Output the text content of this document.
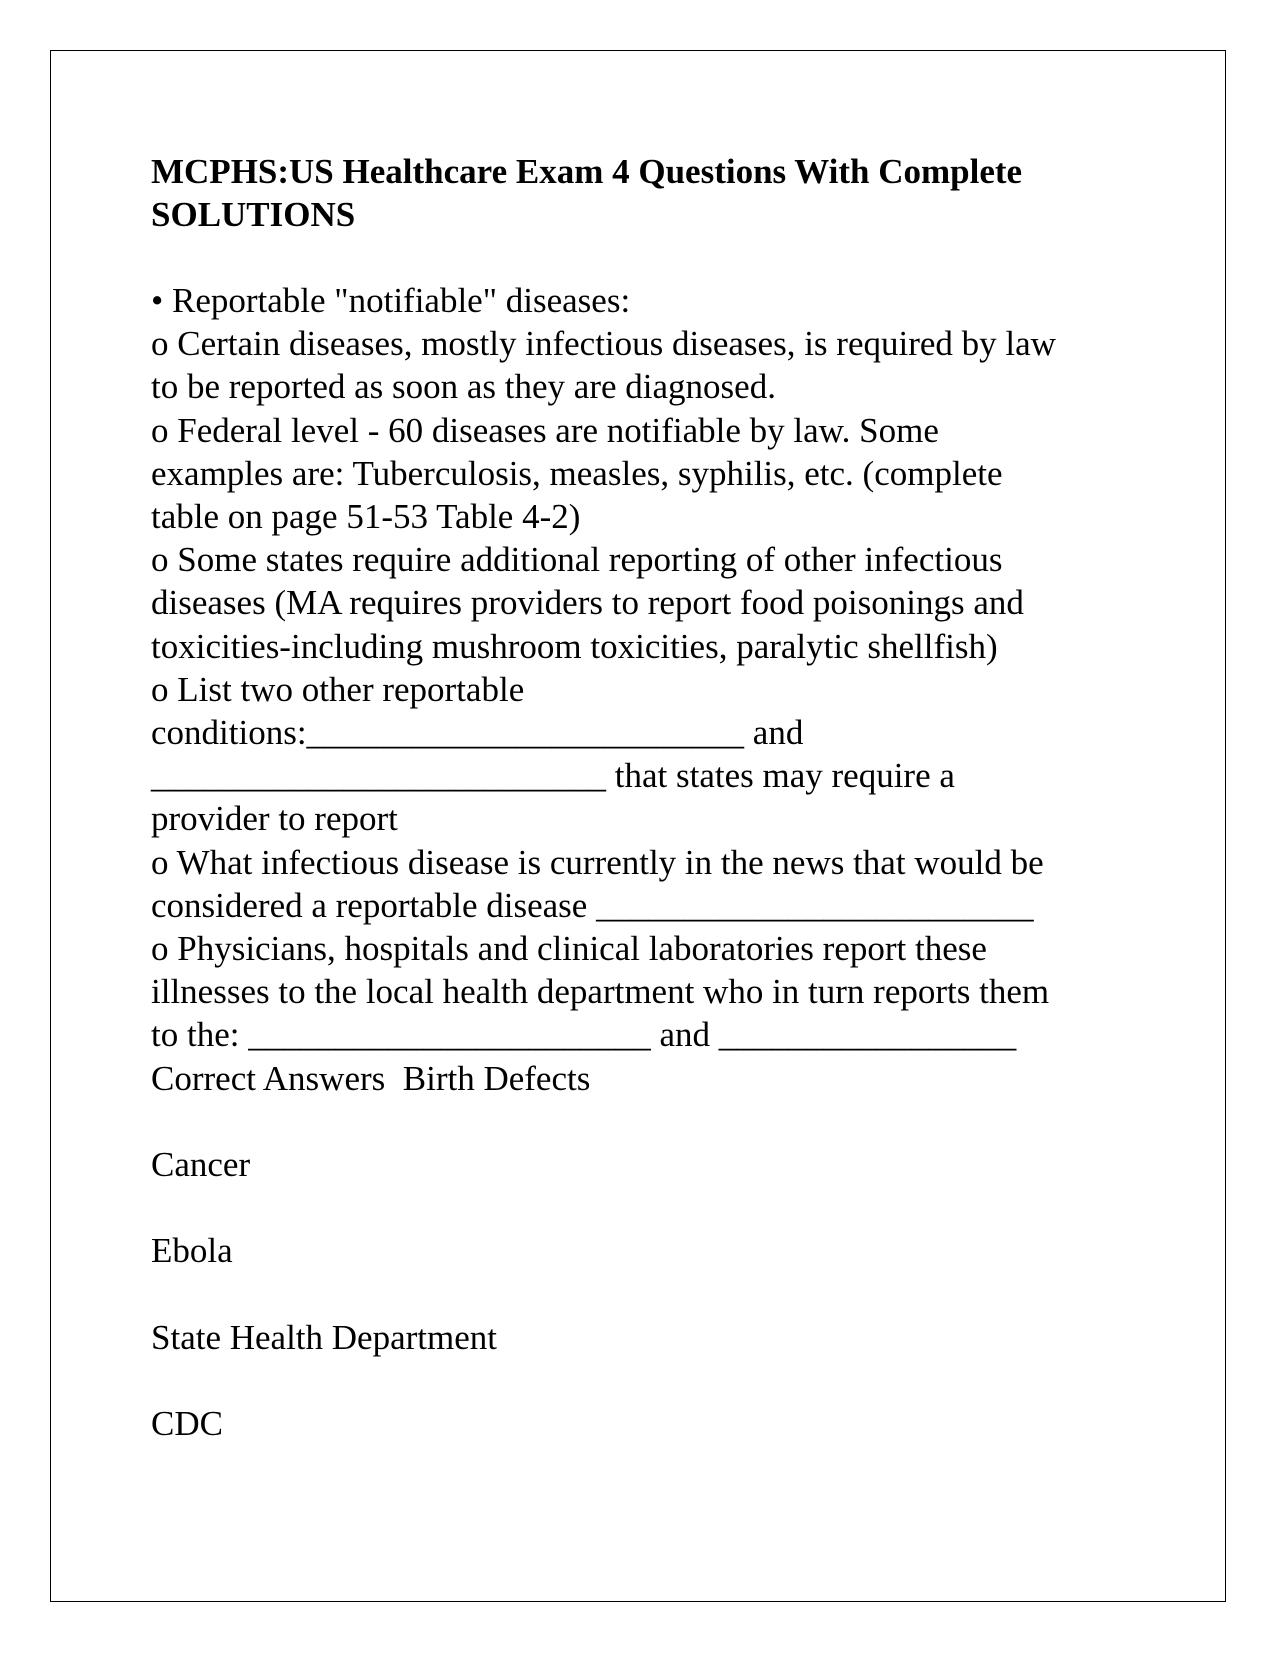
MCPHS:US Healthcare Exam 4 Questions With Complete
SOLUTIONS
• Reportable "notifiable" diseases:
o Certain diseases, mostly infectious diseases, is required by law
to be reported as soon as they are diagnosed.
o Federal level - 60 diseases are notifiable by law. Some
examples are: Tuberculosis, measles, syphilis, etc. (complete
table on page 51-53 Table 4-2)
o Some states require additional reporting of other infectious
diseases (MA requires providers to report food poisonings and
toxicities-including mushroom toxicities, paralytic shellfish)
o List two other reportable
conditions:_________________________ and
__________________________ that states may require a
provider to report
o What infectious disease is currently in the news that would be
considered a reportable disease _________________________
o Physicians, hospitals and clinical laboratories report these
illnesses to the local health department who in turn reports them
to the: _______________________ and _________________
Correct Answers  Birth Defects
Cancer
Ebola
State Health Department
CDC
